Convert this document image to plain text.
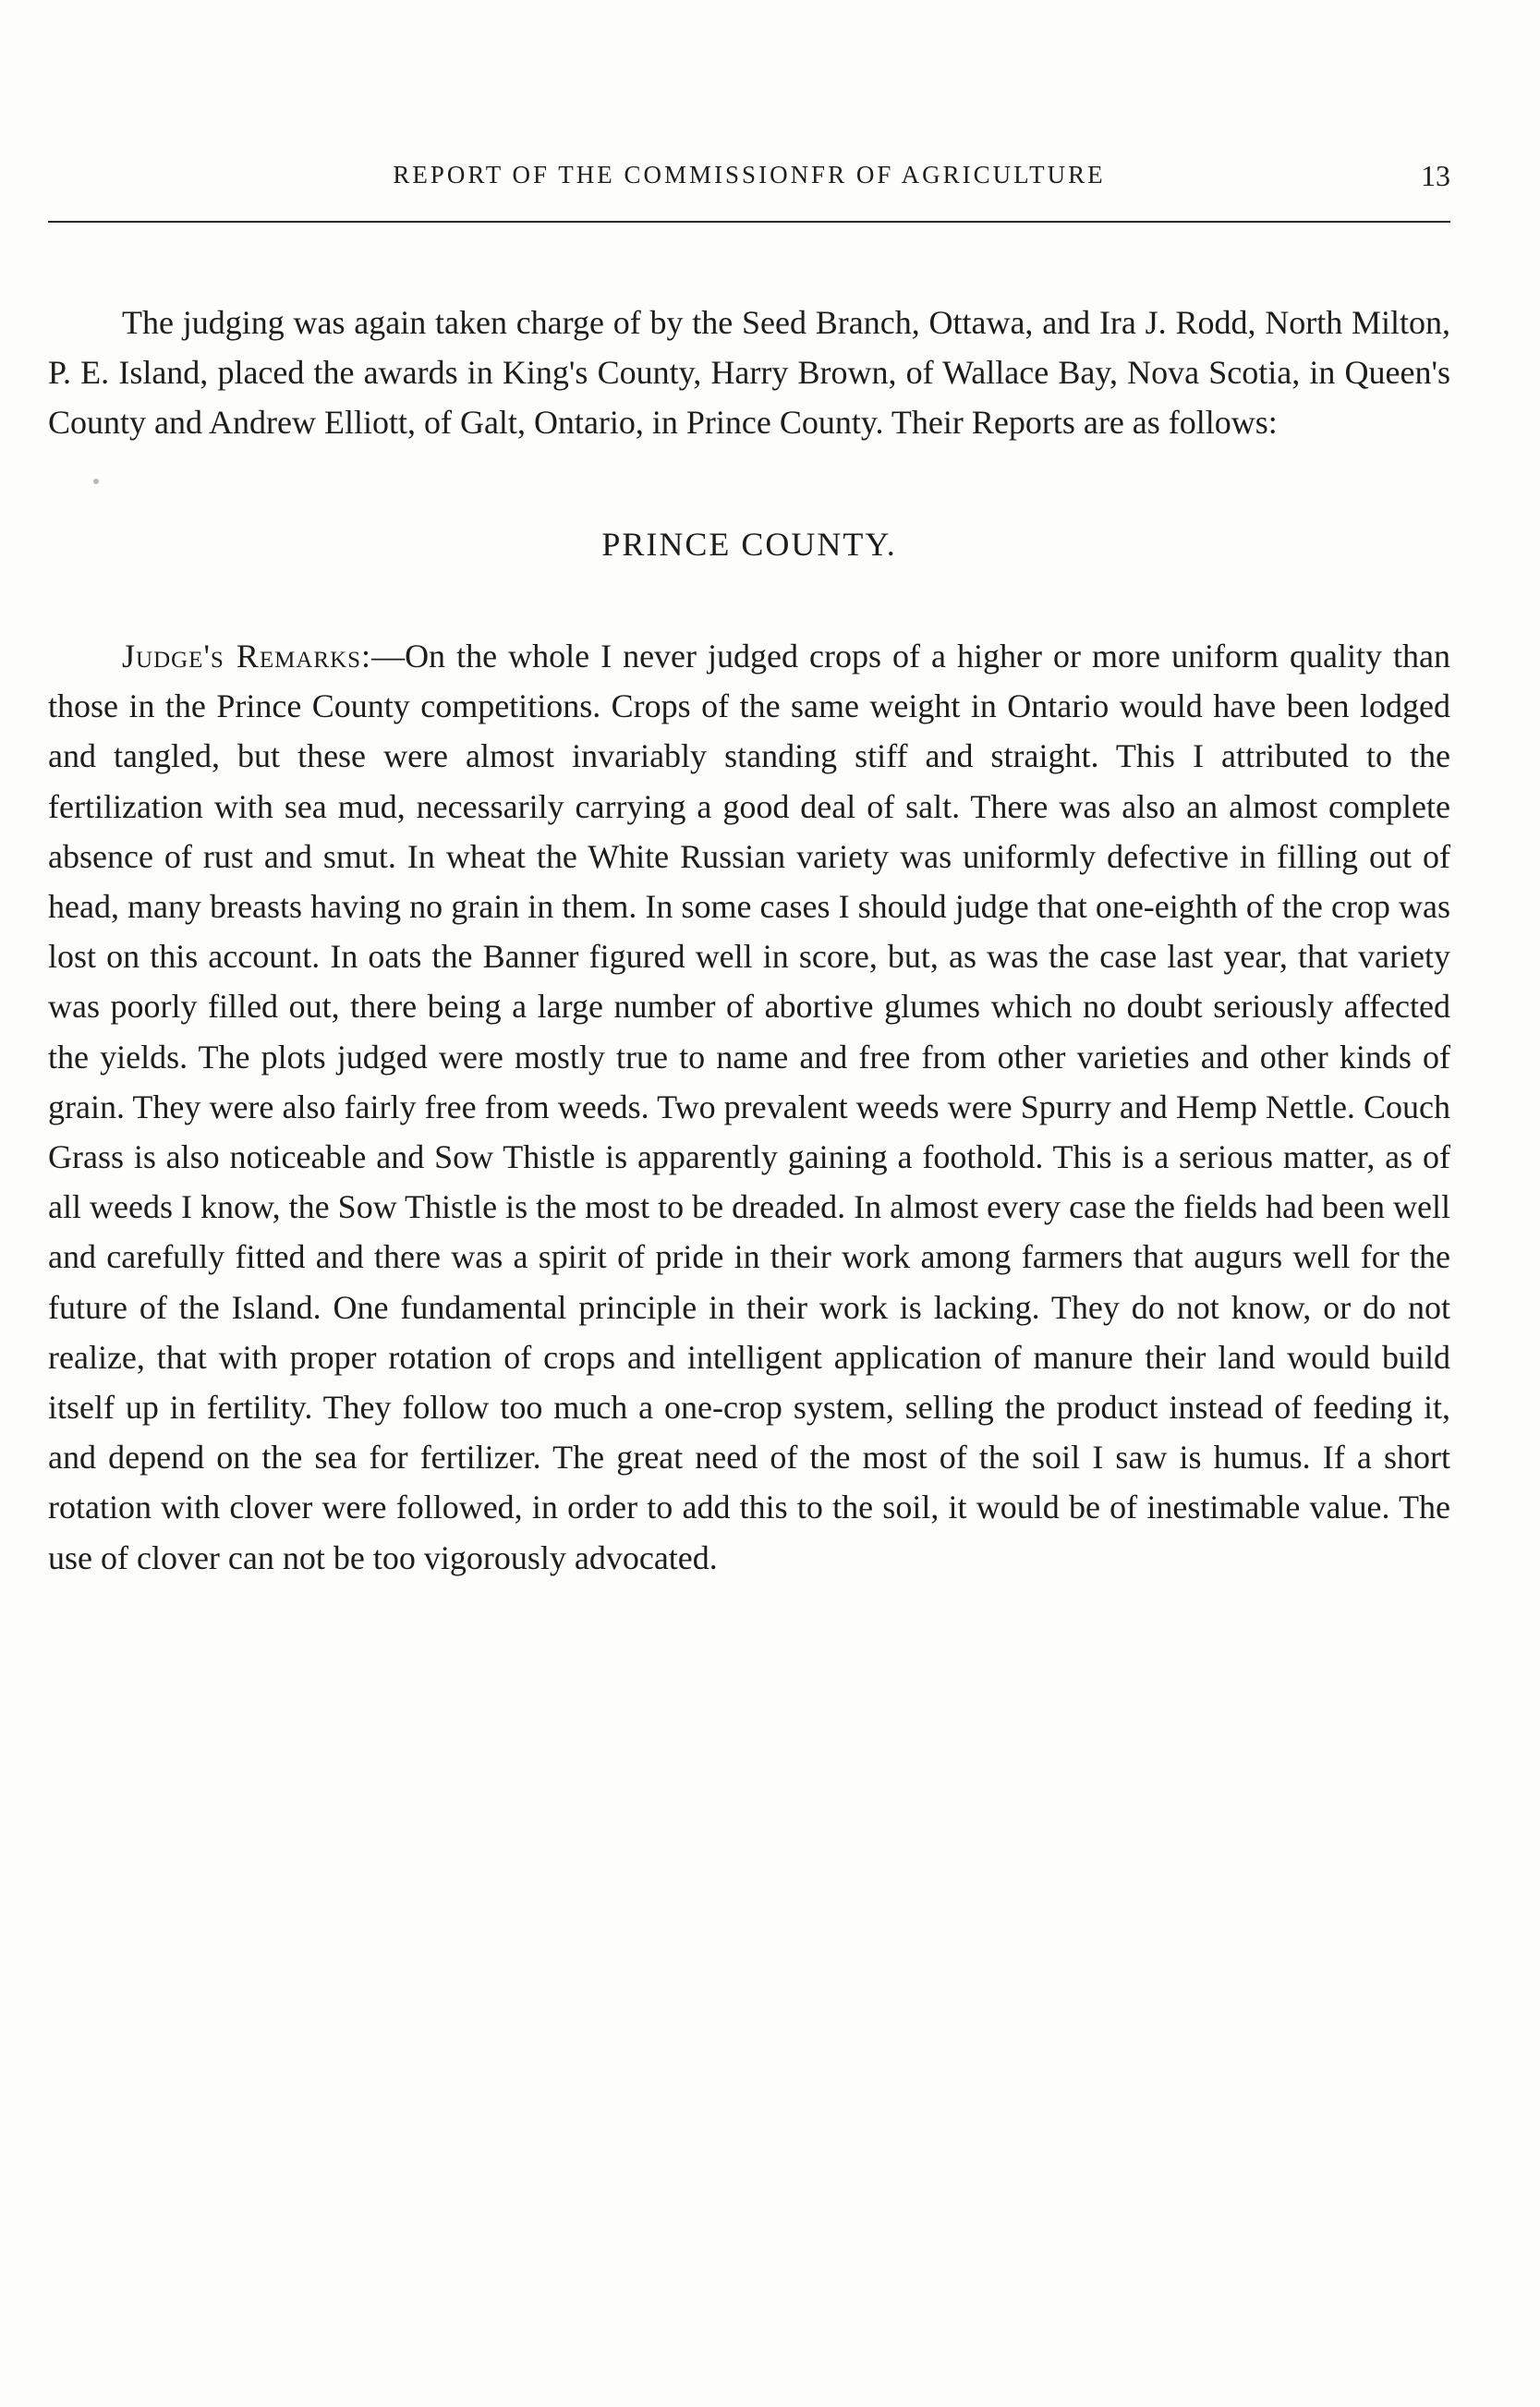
REPORT OF THE COMMISSIONFR OF AGRICULTURE	13

The judging was again taken charge of by the Seed Branch, Ottawa, and Ira J. Rodd, North Milton, P. E. Island, placed the awards in King's County, Harry Brown, of Wallace Bay, Nova Scotia, in Queen's County and Andrew Elliott, of Galt, Ontario, in Prince County. Their Reports are as follows:

PRINCE COUNTY.

Judge's Remarks:—On the whole I never judged crops of a higher or more uniform quality than those in the Prince County competitions. Crops of the same weight in Ontario would have been lodged and tangled, but these were almost invariably standing stiff and straight. This I attributed to the fertilization with sea mud, necessarily carrying a good deal of salt. There was also an almost complete absence of rust and smut. In wheat the White Russian variety was uniformly defective in filling out of head, many breasts having no grain in them. In some cases I should judge that one-eighth of the crop was lost on this account. In oats the Banner figured well in score, but, as was the case last year, that variety was poorly filled out, there being a large number of abortive glumes which no doubt seriously affected the yields. The plots judged were mostly true to name and free from other varieties and other kinds of grain. They were also fairly free from weeds. Two prevalent weeds were Spurry and Hemp Nettle. Couch Grass is also noticeable and Sow Thistle is apparently gaining a foothold. This is a serious matter, as of all weeds I know, the Sow Thistle is the most to be dreaded. In almost every case the fields had been well and carefully fitted and there was a spirit of pride in their work among farmers that augurs well for the future of the Island. One fundamental principle in their work is lacking. They do not know, or do not realize, that with proper rotation of crops and intelligent application of manure their land would build itself up in fertility. They follow too much a one-crop system, selling the product instead of feeding it, and depend on the sea for fertilizer. The great need of the most of the soil I saw is humus. If a short rotation with clover were followed, in order to add this to the soil, it would be of inestimable value. The use of clover can not be too vigorously advocated.
